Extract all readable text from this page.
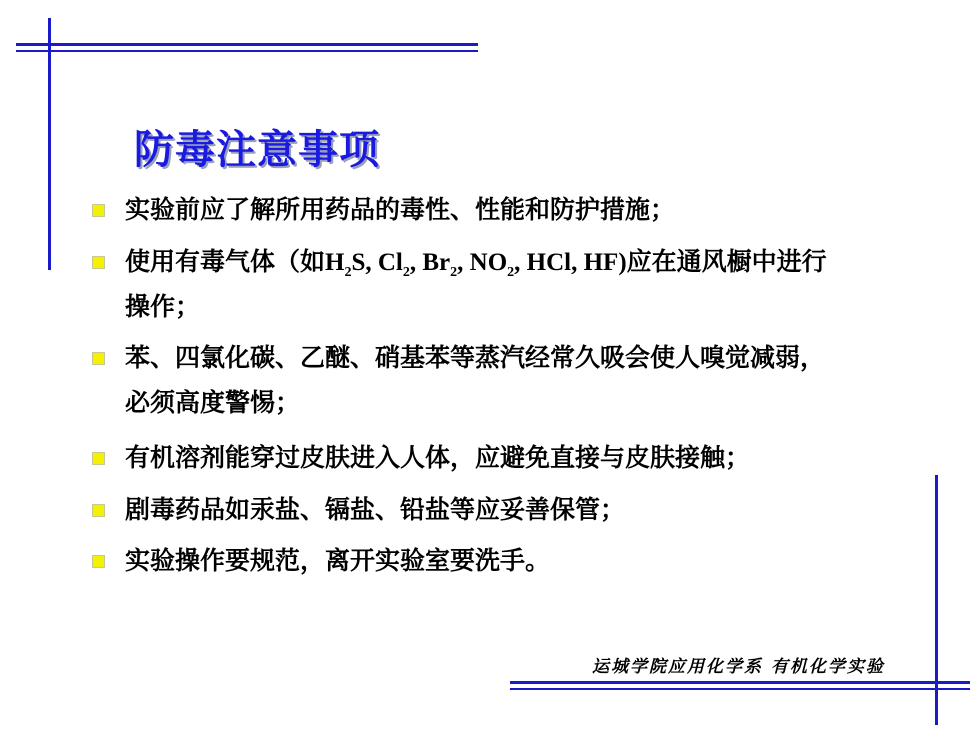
防毒注意事项
实验前应了解所用药品的毒性、性能和防护措施；
使用有毒气体（如$H_2S$, $Cl_2$, $Br_2$, $NO_2$, HCl, HF)应在通风橱中进行
操作；
苯、四氯化碳、乙醚、硝基苯等蒸汽经常久吸会使人嗅觉减弱，
必须高度警惕；
有机溶剂能穿过皮肤进入人体，应避免直接与皮肤接触；
剧毒药品如汞盐、镉盐、铅盐等应妥善保管；
实验操作要规范，离开实验室要洗手。
运城学院应用化学系 有机化学实验
